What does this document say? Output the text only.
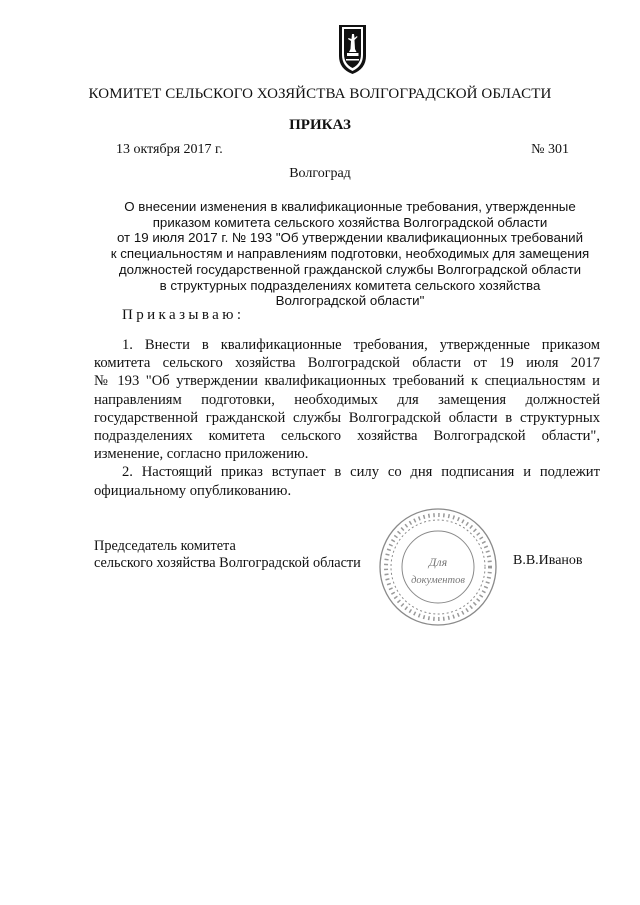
КОМИТЕТ СЕЛЬСКОГО ХОЗЯЙСТВА ВОЛГОГРАДСКОЙ ОБЛАСТИ
ПРИКАЗ
13 октября 2017 г.	№ 301
Волгоград
О внесении изменения в квалификационные требования, утвержденные
приказом комитета сельского хозяйства Волгоградской области
от 19 июля 2017 г. № 193 "Об утверждении квалификационных требований
к специальностям и направлениям подготовки, необходимых для замещения
должностей государственной гражданской службы Волгоградской области
в структурных подразделениях комитета сельского хозяйства
Волгоградской области"
Приказываю:
1. Внести в квалификационные требования, утвержденные приказом
комитета сельского хозяйства Волгоградской области от 19 июля 2017
№ 193 "Об утверждении квалификационных требований к специальностям и
направлениям подготовки, необходимых для замещения должностей
государственной гражданской службы Волгоградской области в структурных
подразделениях комитета сельского хозяйства Волгоградской области",
изменение, согласно приложению.
2. Настоящий приказ вступает в силу со дня подписания и подлежит
официальному опубликованию.
Председатель комитета
сельского хозяйства Волгоградской области	В.В.Иванов
Для
документов
